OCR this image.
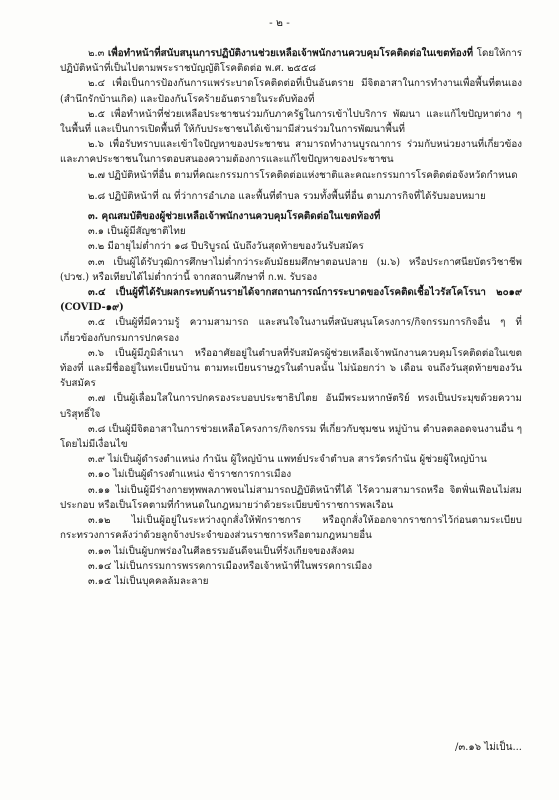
- ๒ -

๒.๓ เพื่อทำหน้าที่สนับสนุนการปฏิบัติงานช่วยเหลือเจ้าพนักงานควบคุมโรคติดต่อในเขตท้องที่ โดยให้การปฏิบัติหน้าที่เป็นไปตามพระราชบัญญัติโรคติดต่อ พ.ศ. ๒๕๕๘

๒.๔ เพื่อเป็นการป้องกันการแพร่ระบาดโรคติดต่อที่เป็นอันตราย มีจิตอาสาในการทำงานเพื่อพื้นที่ตนเอง (สำนึกรักบ้านเกิด) และป้องกันโรคร้ายอันตรายในระดับท้องที่

๒.๕ เพื่อทำหน้าที่ช่วยเหลือประชาชนร่วมกับภาครัฐในการเข้าไปบริการ พัฒนา และแก้ไขปัญหาต่าง ๆ ในพื้นที่ และเป็นการเปิดพื้นที่ ให้กับประชาชนได้เข้ามามีส่วนร่วมในการพัฒนาพื้นที่

๒.๖ เพื่อรับทราบและเข้าใจปัญหาของประชาชน สามารถทำงานบูรณาการ ร่วมกับหน่วยงานที่เกี่ยวข้องและภาคประชาชนในการตอบสนองความต้องการและแก้ไขปัญหาของประชาชน

๒.๗ ปฏิบัติหน้าที่อื่น ตามที่คณะกรรมการโรคติดต่อแห่งชาติและคณะกรรมการโรคติดต่อจังหวัดกำหนด

๒.๘ ปฏิบัติหน้าที่ ณ ที่ว่าการอำเภอ และพื้นที่ตำบล รวมทั้งพื้นที่อื่น ตามภารกิจที่ได้รับมอบหมาย

๓. คุณสมบัติของผู้ช่วยเหลือเจ้าพนักงานควบคุมโรคติดต่อในเขตท้องที่

๓.๑ เป็นผู้มีสัญชาติไทย

๓.๒ มีอายุไม่ต่ำกว่า ๑๘ ปีบริบูรณ์ นับถึงวันสุดท้ายของวันรับสมัคร

๓.๓ เป็นผู้ได้รับวุฒิการศึกษาไม่ต่ำกว่าระดับมัธยมศึกษาตอนปลาย (ม.๖) หรือประกาศนียบัตรวิชาชีพ (ปวช.) หรือเทียบได้ไม่ต่ำกว่านี้ จากสถานศึกษาที่ ก.พ. รับรอง

๓.๔ เป็นผู้ที่ได้รับผลกระทบด้านรายได้จากสถานการณ์การระบาดของโรคติดเชื้อไวรัสโคโรนา ๒๐๑๙ (COVID-๑๙)

๓.๕ เป็นผู้ที่มีความรู้ ความสามารถ และสนใจในงานที่สนับสนุนโครงการ/กิจกรรมการกิจอื่น ๆ ที่เกี่ยวข้องกับกรมการปกครอง

๓.๖ เป็นผู้มีภูมิลำเนา หรืออาศัยอยู่ในตำบลที่รับสมัครผู้ช่วยเหลือเจ้าพนักงานควบคุมโรคติดต่อในเขตท้องที่ และมีชื่ออยู่ในทะเบียนบ้าน ตามทะเบียนราษฎรในตำบลนั้น ไม่น้อยกว่า ๖ เดือน จนถึงวันสุดท้ายของวันรับสมัคร

๓.๗ เป็นผู้เลื่อมใสในการปกครองระบอบประชาธิปไตย อันมีพระมหากษัตริย์ ทรงเป็นประมุขด้วยความบริสุทธิ์ใจ

๓.๘ เป็นผู้มีจิตอาสาในการช่วยเหลือโครงการ/กิจกรรม ที่เกี่ยวกับชุมชน หมู่บ้าน ตำบลตลอดจนงานอื่น ๆ โดยไม่มีเงื่อนไข

๓.๙ ไม่เป็นผู้ดำรงตำแหน่ง กำนัน ผู้ใหญ่บ้าน แพทย์ประจำตำบล สารวัตรกำนัน ผู้ช่วยผู้ใหญ่บ้าน

๓.๑๐ ไม่เป็นผู้ดำรงตำแหน่ง ข้าราชการการเมือง

๓.๑๑ ไม่เป็นผู้มีร่างกายทุพพลภาพจนไม่สามารถปฏิบัติหน้าที่ได้ ไร้ความสามารถหรือ จิตฟั่นเฟือนไม่สมประกอบ หรือเป็นโรคตามที่กำหนดในกฎหมายว่าด้วยระเบียบข้าราชการพลเรือน

๓.๑๒ ไม่เป็นผู้อยู่ในระหว่างถูกสั่งให้พักราชการ หรือถูกสั่งให้ออกจากราชการไว้ก่อนตามระเบียบกระทรวงการคลังว่าด้วยลูกจ้างประจำของส่วนราชการหรือตามกฎหมายอื่น

๓.๑๓ ไม่เป็นผู้บกพร่องในศีลธรรมอันดีจนเป็นที่รังเกียจของสังคม

๓.๑๔ ไม่เป็นกรรมการพรรคการเมืองหรือเจ้าหน้าที่ในพรรคการเมือง

๓.๑๕ ไม่เป็นบุคคลล้มละลาย

/๓.๑๖ ไม่เป็น...
